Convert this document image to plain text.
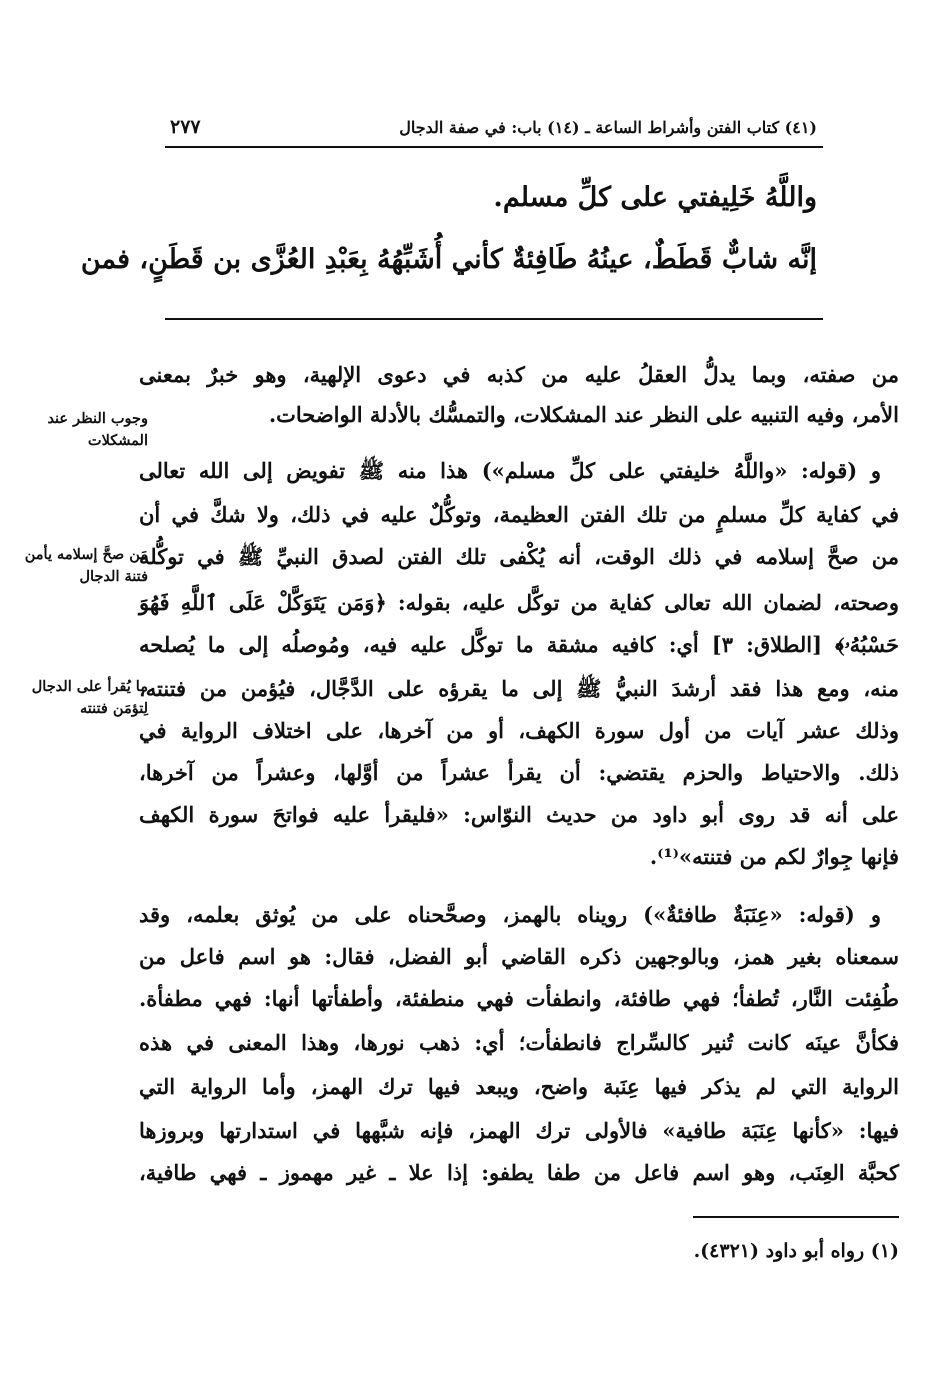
(٤١) كتاب الفتن وأشراط الساعة ـ (١٤) باب: في صفة الدجال
٢٧٧
واللَّهُ خَلِيفتي على كلِّ مسلم.
إنَّه شابٌّ قَطَطٌ، عينُهُ طَافِئةٌ كأني أُشَبِّهُهُ بِعَبْدِ العُزَّى بن قَطَنٍ، فمن
وجوب النظر عند المشكلات
مَن صحَّ إسلامه يأمن فتنة الدجال
ما يُقرأ على الدجال لِتؤمَن فتنته
من صفته، وبما يدلُّ العقلُ عليه من كذبه في دعوى الإلهية، وهو خبرٌ بمعنى
الأمر، وفيه التنبيه على النظر عند المشكلات، والتمسُّك بالأدلة الواضحات.
و (قوله: «واللَّهُ خليفتي على كلِّ مسلم») هذا منه ﷺ تفويض إلى الله تعالى
في كفاية كلِّ مسلمٍ من تلك الفتن العظيمة، وتوكُّلٌ عليه في ذلك، ولا شكَّ في أن
من صحَّ إسلامه في ذلك الوقت، أنه يُكْفى تلك الفتن لصدق النبيِّ ﷺ في توكُّله
وصحته، لضمان الله تعالى كفاية من توكَّل عليه، بقوله: ﴿وَمَن يَتَوَكَّلْ عَلَى ٱللَّهِ فَهُوَ
حَسْبُهُۥ﴾ [الطلاق: ٣] أي: كافيه مشقة ما توكَّل عليه فيه، ومُوصلُه إلى ما يُصلحه
منه، ومع هذا فقد أرشدَ النبيُّ ﷺ إلى ما يقرؤه على الدَّجَّال، فيُؤمن من فتنته،
وذلك عشر آيات من أول سورة الكهف، أو من آخرها، على اختلاف الرواية في
ذلك. والاحتياط والحزم يقتضي: أن يقرأ عشراً من أوَّلها، وعشراً من آخرها،
على أنه قد روى أبو داود من حديث النوّاس: «فليقرأ عليه فواتحَ سورة الكهف
فإنها جِوارٌ لكم من فتنته»⁽¹⁾.
و (قوله: «عِنَبَةٌ طافئةٌ») رويناه بالهمز، وصحَّحناه على من يُوثق بعلمه، وقد
سمعناه بغير همز، وبالوجهين ذكره القاضي أبو الفضل، فقال: هو اسم فاعل من
طُفِئت النَّار، تُطفأ؛ فهي طافئة، وانطفأت فهي منطفئة، وأطفأتها أنها: فهي مطفأة.
فكأنَّ عينَه كانت تُنير كالسِّراج فانطفأت؛ أي: ذهب نورها، وهذا المعنى في هذه
الرواية التي لم يذكر فيها عِنَبة واضح، ويبعد فيها ترك الهمز، وأما الرواية التي
فيها: «كأنها عِنَبَة طافية» فالأولى ترك الهمز، فإنه شبَّهها في استدارتها وبروزها
كحبَّة العِنَب، وهو اسم فاعل من طفا يطفو: إذا علا ـ غير مهموز ـ فهي طافية،
(١) رواه أبو داود (٤٣٢١).
